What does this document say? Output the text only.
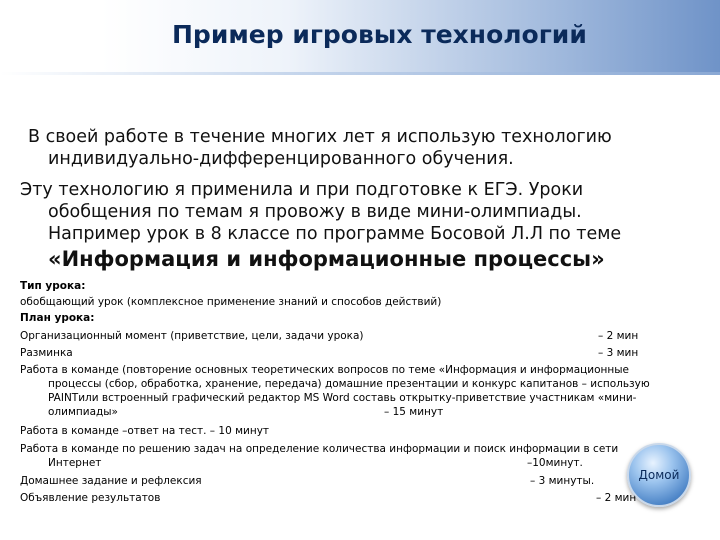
Пример игровых технологий
В своей работе в течение многих лет я использую технологию
индивидуально-дифференцированного обучения.
Эту технологию я применила и при подготовке к ЕГЭ. Уроки
обобщения по темам я провожу в виде мини-олимпиады.
Например урок в 8 классе по программе Босовой Л.Л по теме
«Информация и информационные процессы»
Тип урока:
обобщающий урок (комплексное применение знаний и способов действий)
План урока:
Организационный момент (приветствие, цели, задачи урока)	– 2 мин
Разминка	– 3 мин
Работа в команде (повторение основных теоретических вопросов по теме «Информация и информационные
процессы (сбор, обработка, хранение, передача) домашние презентации и конкурс капитанов – использую
PAINTили встроенный графический редактор MS Word составь открытку-приветствие участникам «мини-
олимпиады»	– 15 минут
Работа в команде –ответ на тест. – 10 минут
Работа в команде по решению задач на определение количества информации и поиск информации в сети
Интернет	–10минут.
Домашнее задание и рефлексия	– 3 минуты.
Объявление результатов	– 2 мин
Домой
